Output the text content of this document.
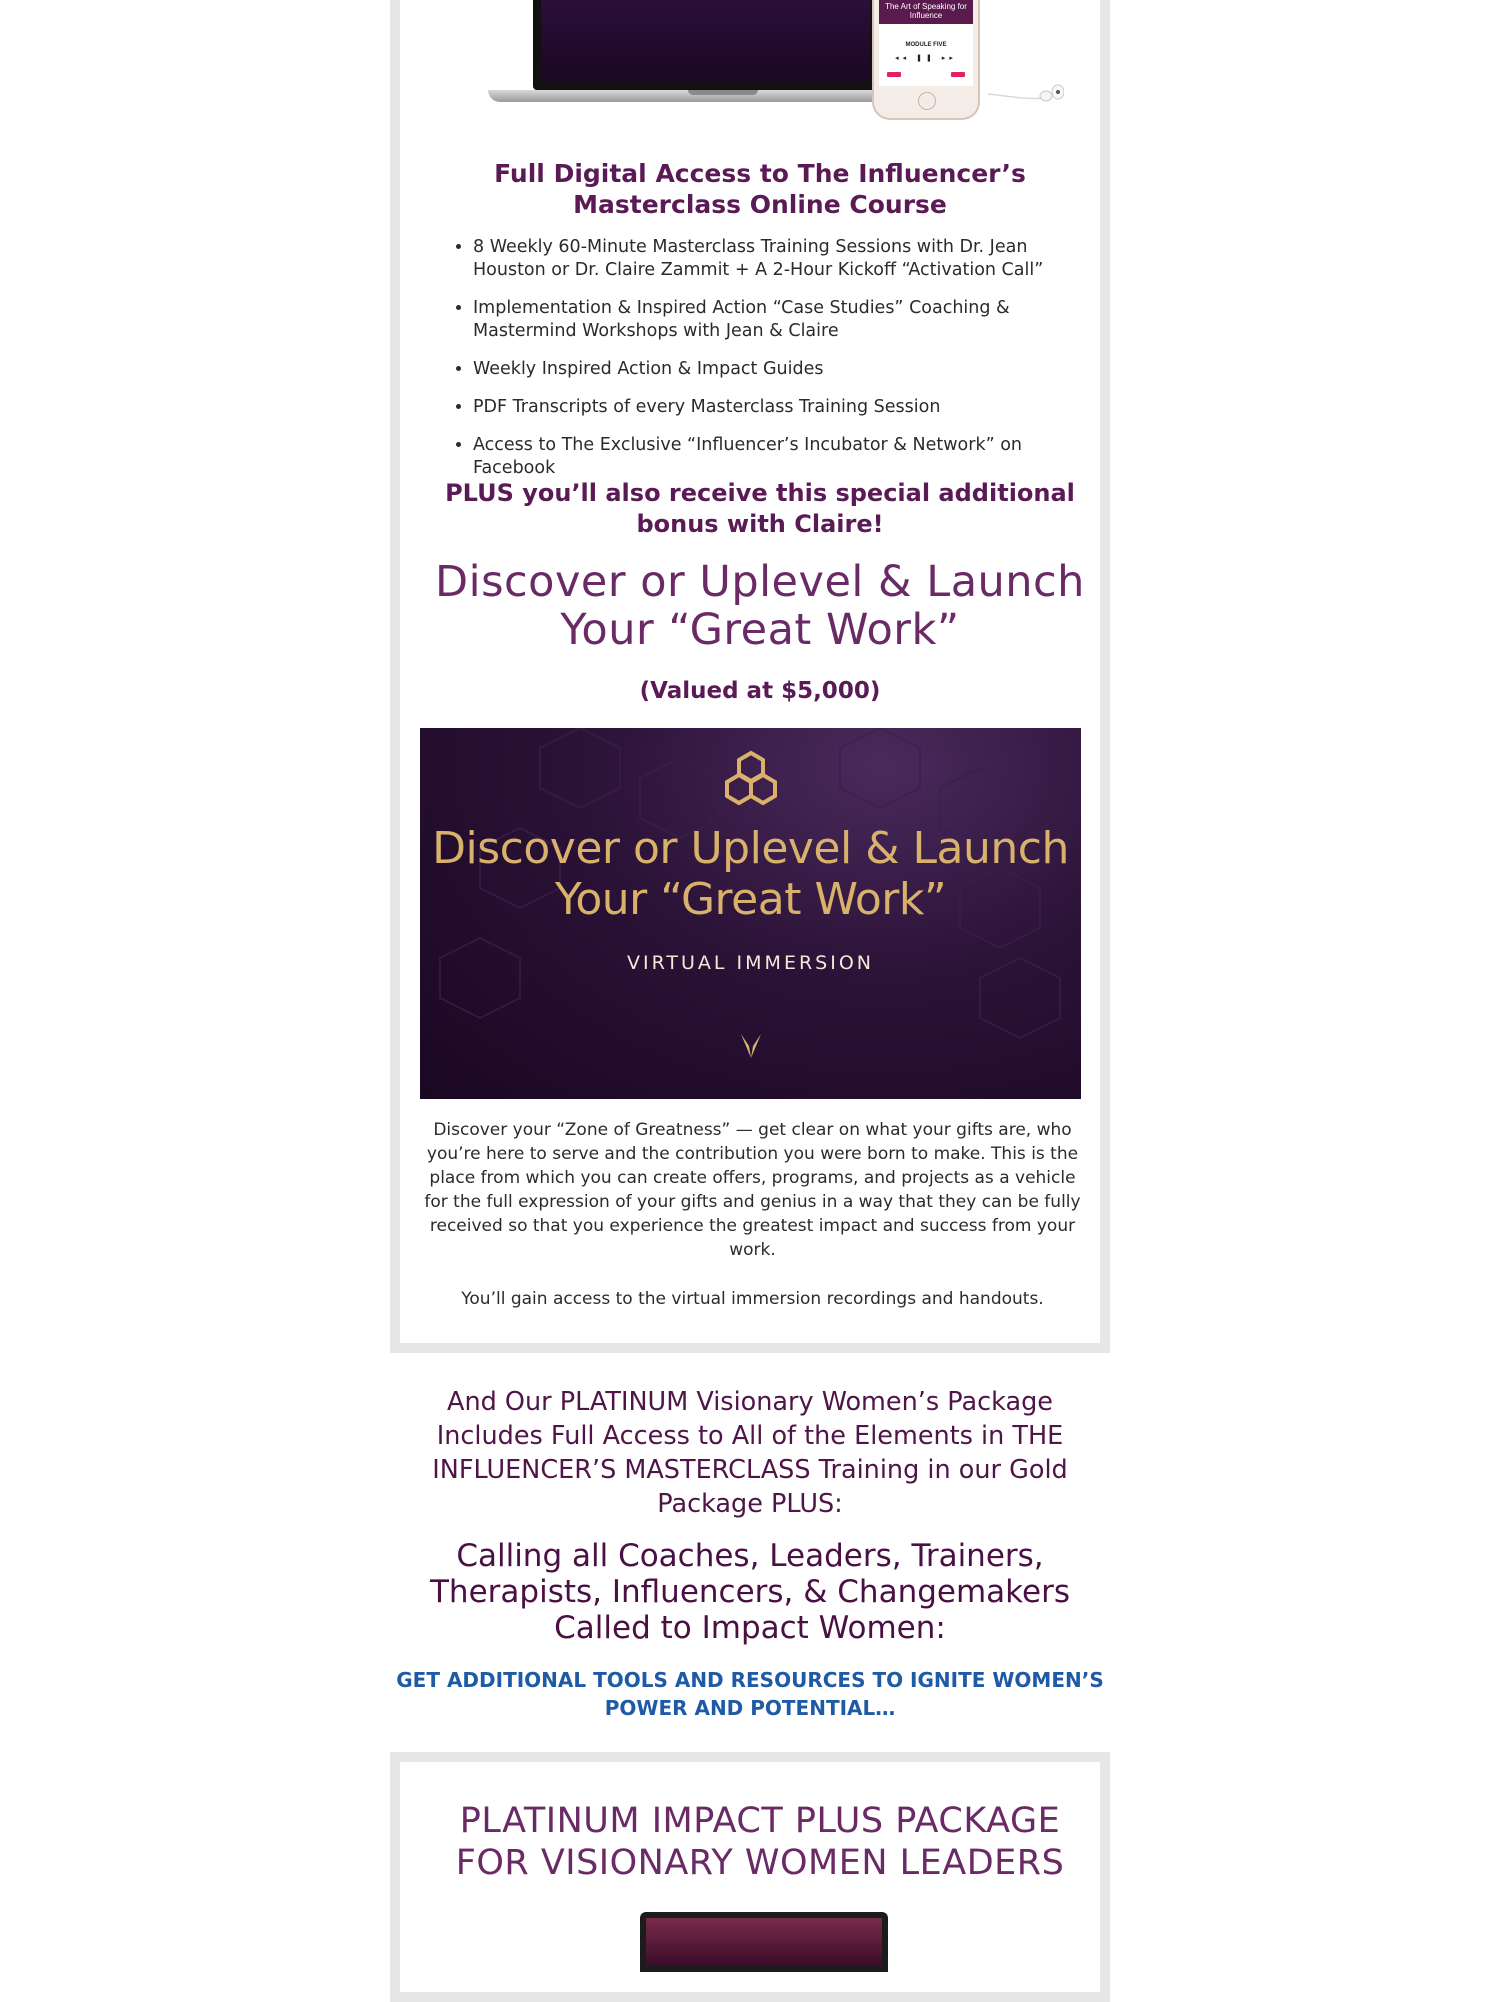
The Art of Speaking for Influence
MODULE FIVE
◂◂ ❚❚ ▸▸
Full Digital Access to The Influencer’s Masterclass Online Course
• 8 Weekly 60-Minute Masterclass Training Sessions with Dr. Jean Houston or Dr. Claire Zammit + A 2-Hour Kickoff “Activation Call”
• Implementation & Inspired Action “Case Studies” Coaching & Mastermind Workshops with Jean & Claire
• Weekly Inspired Action & Impact Guides
• PDF Transcripts of every Masterclass Training Session
• Access to The Exclusive “Influencer’s Incubator & Network” on Facebook
PLUS you’ll also receive this special additional bonus with Claire!
Discover or Uplevel & Launch Your “Great Work”
(Valued at $5,000)
Discover or Uplevel & Launch Your “Great Work”
VIRTUAL IMMERSION

Discover your “Zone of Greatness” — get clear on what your gifts are, who you’re here to serve and the contribution you were born to make. This is the place from which you can create offers, programs, and projects as a vehicle for the full expression of your gifts and genius in a way that they can be fully received so that you experience the greatest impact and success from your work.

You’ll gain access to the virtual immersion recordings and handouts.

And Our PLATINUM Visionary Women’s Package Includes Full Access to All of the Elements in THE INFLUENCER’S MASTERCLASS Training in our Gold Package PLUS:
Calling all Coaches, Leaders, Trainers, Therapists, Influencers, & Changemakers Called to Impact Women:

GET ADDITIONAL TOOLS AND RESOURCES TO IGNITE WOMEN’S POWER AND POTENTIAL…

PLATINUM IMPACT PLUS PACKAGE FOR VISIONARY WOMEN LEADERS
